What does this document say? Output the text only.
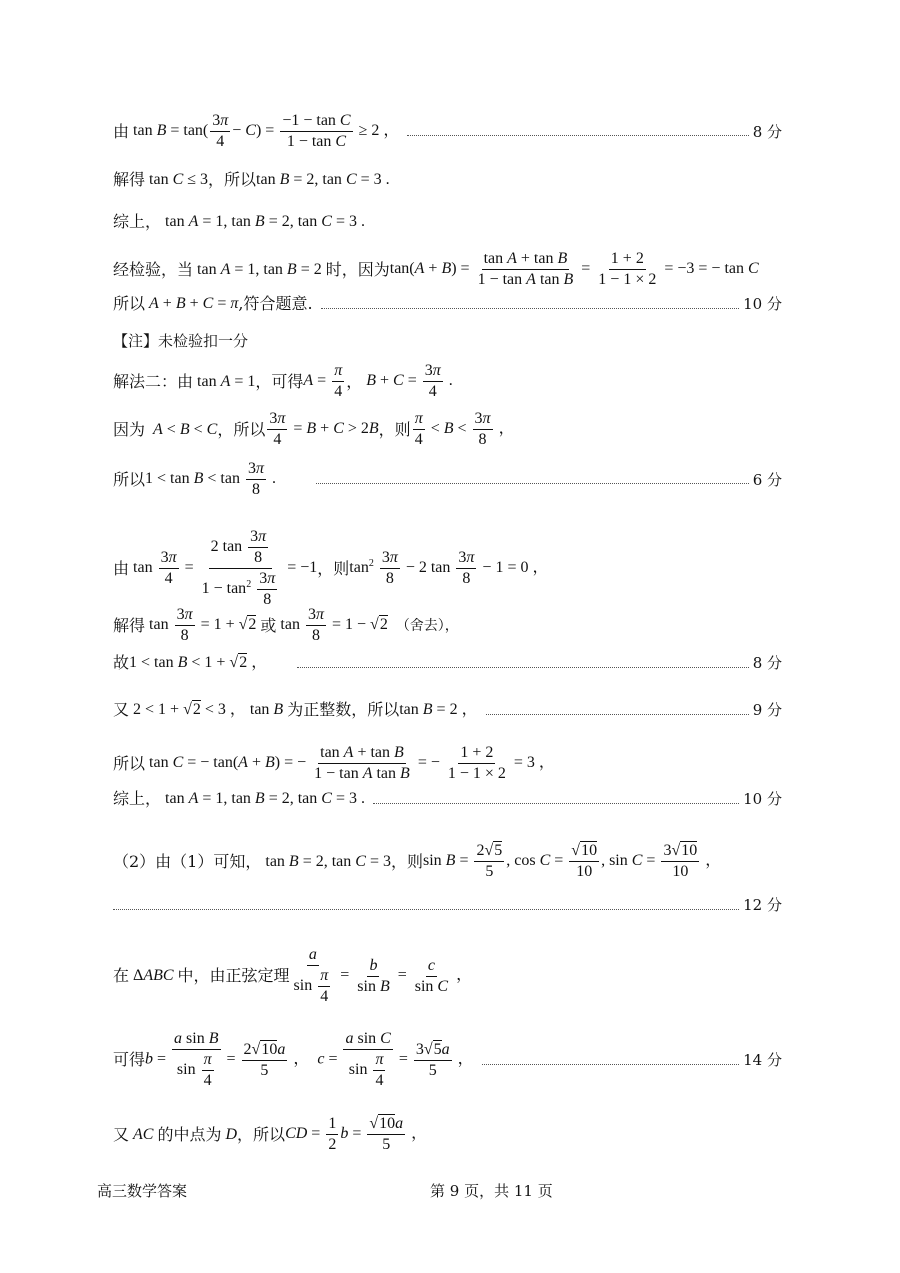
由 $\tan B = \tan( \frac{3\pi}{4} - C) = \frac{\text{−1 − tan C}}{\text{1 − tan C}} \ge 2$ ，	8 分
解得 tan C ≤ 3 ，所以 tan B = 2, tan C = 3 .
综上， tan A = 1, tan B = 2, tan C = 3 .
经检验，当 tan A = 1, tan B = 2 时，因为 $\tan(A + B) = \frac{\text{tan A + tan B}}{\text{1 − tan A tan B}} = \frac{1 + 2}{1 - 1 \times 2} = -3$ = − tan C
所以 A + B + C = π ,符合题意.	10 分
【注】未检验扣一分
解法二：由 tan A = 1 ，可得 $A = \frac{\pi}{4}$ ， $B + C = \frac{3\pi}{4}$ .
因为 A < B < C ，所以 $\frac{3\pi}{4} = B + C > 2B$ ，则 $\frac{\pi}{4} < B < \frac{3\pi}{8}$ ，
所以 $1 < \tan B < \tan \frac{3\pi}{8}$ .	6 分
由 $\tan \frac{3\pi}{4} = \frac{2 \tan \frac{3\pi}{8}}{1 - \tan^2 \frac{3\pi}{8}} = -1$ ，则 $\tan^2 \frac{3\pi}{8} - 2$ $\tan \frac{3\pi}{8} - 1 = 0$ ，
解得 $\tan \frac{3\pi}{8} = 1 + √2$ 或 $\tan \frac{3\pi}{8} = 1 - √2$ （舍去），
故 1 < tan B < 1 + √2 ，	8 分
又 2 < 1 + √2 < 3 ， tan B 为正整数，所以 tan B = 2 ，	9 分
所以 tan C = − tan(A + B) = − $\frac{\text{tan A + tan B}}{\text{1 − tan A tan B}}$ = − $\frac{1 + 2}{1 - 1 \times 2} = 3$ ，
综上， tan A = 1, tan B = 2, tan C = 3 .	10 分
（2）由（1）可知， tan B = 2, tan C = 3 ，则 $\sin B = \frac{2√5}{5}$ , $\cos C = \frac{√10}{10}$ , $\sin C = \frac{3√10}{10}$ ，
12 分
在 ΔABC 中，由正弦定理 $\frac{a}{\sin \frac{\pi}{4}} = \frac{b}{\text{sin B}} = \frac{c}{\text{sin C}}$ ，
可得 $b = \frac{\text{a sin B}}{\sin \frac{\pi}{4}} = \frac{2√10a}{5}$ ，  $c = \frac{\text{a sin C}}{\sin \frac{\pi}{4}} = \frac{3√5a}{5}$ ，	14 分
又 AC 的中点为 D ，所以 CD = $\frac{1}{2}$ $b = \frac{√10a}{5}$ ，
高三数学答案	第 9 页，共 11 页
